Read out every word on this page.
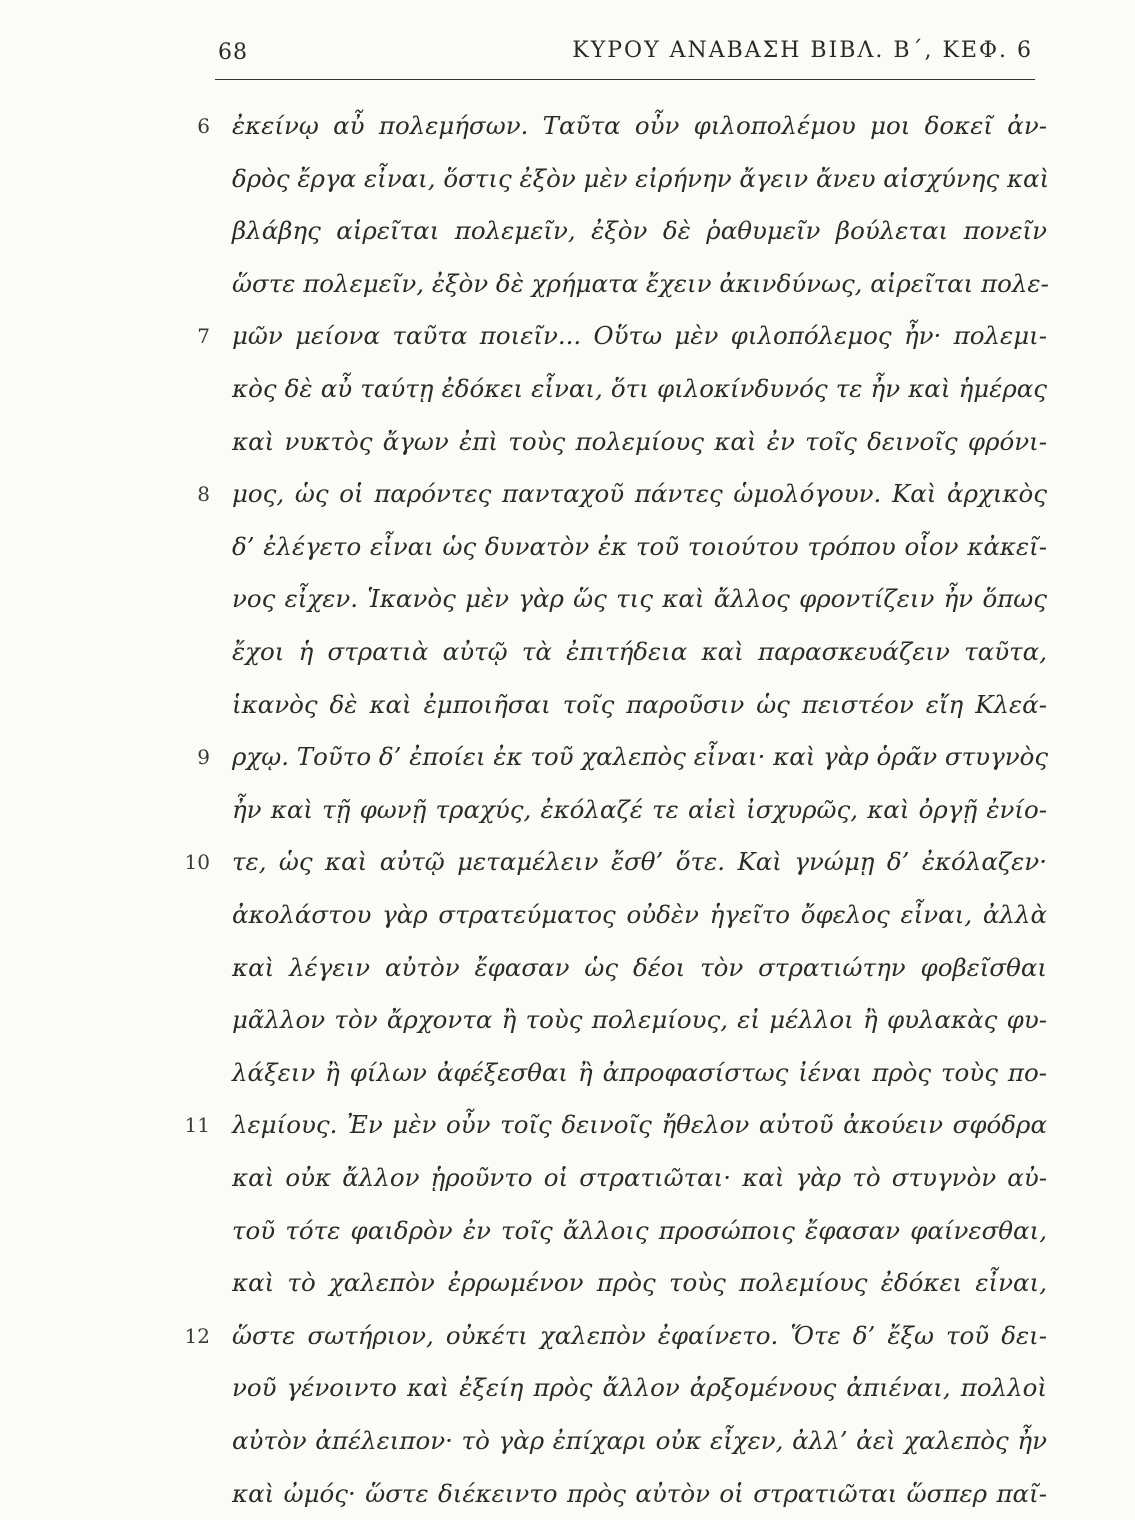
68	ΚΥΡΟΥ ΑΝΑΒΑΣΗ ΒΙΒΛ. Β΄, ΚΕΦ. 6
6 ἐκείνῳ αὖ πολεμήσων. Ταῦτα οὖν φιλοπολέμου μοι δοκεῖ ἀν-
δρὸς ἔργα εἶναι, ὅστις ἐξὸν μὲν εἰρήνην ἄγειν ἄνευ αἰσχύνης καὶ
βλάβης αἱρεῖται πολεμεῖν, ἐξὸν δὲ ῥαθυμεῖν βούλεται πονεῖν
ὥστε πολεμεῖν, ἐξὸν δὲ χρήματα ἔχειν ἀκινδύνως, αἱρεῖται πολε-
7 μῶν μείονα ταῦτα ποιεῖν... Οὕτω μὲν φιλοπόλεμος ἦν· πολεμι-
κὸς δὲ αὖ ταύτῃ ἐδόκει εἶναι, ὅτι φιλοκίνδυνός τε ἦν καὶ ἡμέρας
καὶ νυκτὸς ἄγων ἐπὶ τοὺς πολεμίους καὶ ἐν τοῖς δεινοῖς φρόνι-
8 μος, ὡς οἱ παρόντες πανταχοῦ πάντες ὡμολόγουν. Καὶ ἀρχικὸς
δ’ ἐλέγετο εἶναι ὡς δυνατὸν ἐκ τοῦ τοιούτου τρόπου οἷον κἀκεῖ-
νος εἶχεν. Ἱκανὸς μὲν γὰρ ὥς τις καὶ ἄλλος φροντίζειν ἦν ὅπως
ἔχοι ἡ στρατιὰ αὐτῷ τὰ ἐπιτήδεια καὶ παρασκευάζειν ταῦτα,
ἱκανὸς δὲ καὶ ἐμποιῆσαι τοῖς παροῦσιν ὡς πειστέον εἴη Κλεά-
9 ρχῳ. Τοῦτο δ’ ἐποίει ἐκ τοῦ χαλεπὸς εἶναι· καὶ γὰρ ὁρᾶν στυγνὸς
ἦν καὶ τῇ φωνῇ τραχύς, ἐκόλαζέ τε αἰεὶ ἰσχυρῶς, καὶ ὀργῇ ἐνίο-
10 τε, ὡς καὶ αὐτῷ μεταμέλειν ἔσθ’ ὅτε. Καὶ γνώμῃ δ’ ἐκόλαζεν·
ἀκολάστου γὰρ στρατεύματος οὐδὲν ἡγεῖτο ὄφελος εἶναι, ἀλλὰ
καὶ λέγειν αὐτὸν ἔφασαν ὡς δέοι τὸν στρατιώτην φοβεῖσθαι
μᾶλλον τὸν ἄρχοντα ἢ τοὺς πολεμίους, εἰ μέλλοι ἢ φυλακὰς φυ-
λάξειν ἢ φίλων ἀφέξεσθαι ἢ ἀπροφασίστως ἰέναι πρὸς τοὺς πο-
11 λεμίους. Ἐν μὲν οὖν τοῖς δεινοῖς ἤθελον αὐτοῦ ἀκούειν σφόδρα
καὶ οὐκ ἄλλον ᾑροῦντο οἱ στρατιῶται· καὶ γὰρ τὸ στυγνὸν αὐ-
τοῦ τότε φαιδρὸν ἐν τοῖς ἄλλοις προσώποις ἔφασαν φαίνεσθαι,
καὶ τὸ χαλεπὸν ἐρρωμένον πρὸς τοὺς πολεμίους ἐδόκει εἶναι,
12 ὥστε σωτήριον, οὐκέτι χαλεπὸν ἐφαίνετο. Ὅτε δ’ ἔξω τοῦ δει-
νοῦ γένοιντο καὶ ἐξείη πρὸς ἄλλον ἀρξομένους ἀπιέναι, πολλοὶ
αὐτὸν ἀπέλειπον· τὸ γὰρ ἐπίχαρι οὐκ εἶχεν, ἀλλ’ ἀεὶ χαλεπὸς ἦν
καὶ ὠμός· ὥστε διέκειντο πρὸς αὐτὸν οἱ στρατιῶται ὥσπερ παῖ-
